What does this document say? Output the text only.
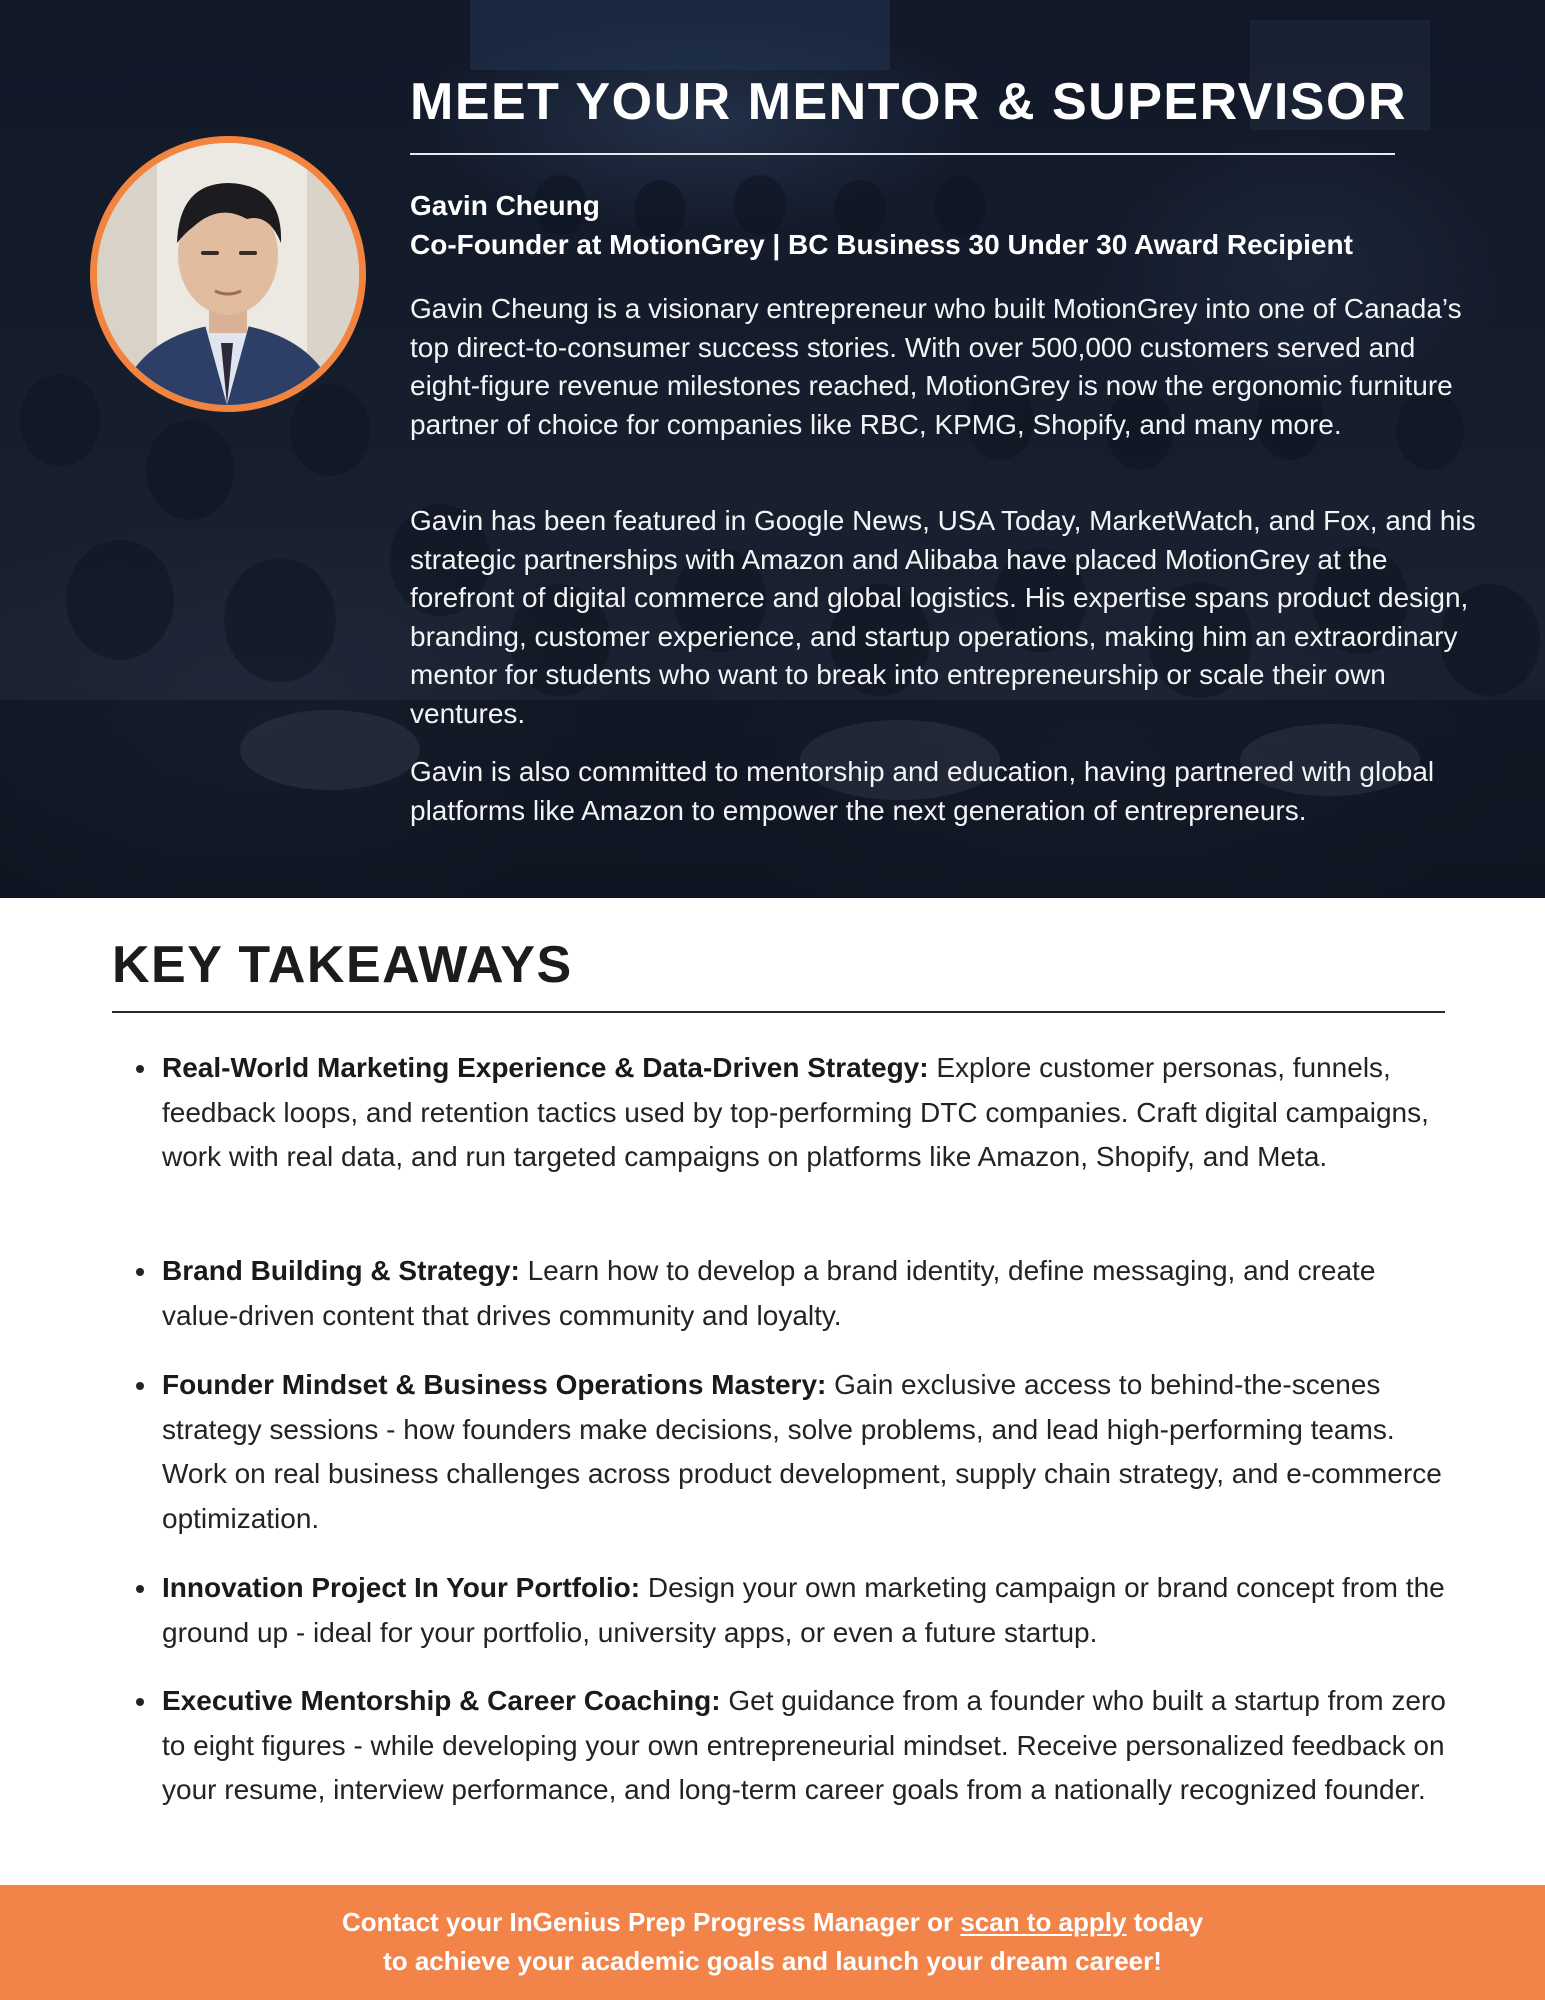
MEET YOUR MENTOR & SUPERVISOR

Gavin Cheung

Co-Founder at MotionGrey | BC Business 30 Under 30 Award Recipient

Gavin Cheung is a visionary entrepreneur who built MotionGrey into one of Canada’s top direct-to-consumer success stories. With over 500,000 customers served and eight-figure revenue milestones reached, MotionGrey is now the ergonomic furniture partner of choice for companies like RBC, KPMG, Shopify, and many more.

Gavin has been featured in Google News, USA Today, MarketWatch, and Fox, and his strategic partnerships with Amazon and Alibaba have placed MotionGrey at the forefront of digital commerce and global logistics. His expertise spans product design, branding, customer experience, and startup operations, making him an extraordinary mentor for students who want to break into entrepreneurship or scale their own ventures.

Gavin is also committed to mentorship and education, having partnered with global platforms like Amazon to empower the next generation of entrepreneurs.

KEY TAKEAWAYS
Real-World Marketing Experience & Data-Driven Strategy: Explore customer personas, funnels, feedback loops, and retention tactics used by top-performing DTC companies. Craft digital campaigns, work with real data, and run targeted campaigns on platforms like Amazon, Shopify, and Meta.
Brand Building & Strategy: Learn how to develop a brand identity, define messaging, and create value-driven content that drives community and loyalty.
Founder Mindset & Business Operations Mastery: Gain exclusive access to behind-the-scenes strategy sessions - how founders make decisions, solve problems, and lead high-performing teams. Work on real business challenges across product development, supply chain strategy, and e-commerce optimization.
Innovation Project In Your Portfolio: Design your own marketing campaign or brand concept from the ground up - ideal for your portfolio, university apps, or even a future startup.
Executive Mentorship & Career Coaching: Get guidance from a founder who built a startup from zero to eight figures - while developing your own entrepreneurial mindset. Receive personalized feedback on your resume, interview performance, and long-term career goals from a nationally recognized founder.

Contact your InGenius Prep Progress Manager or scan to apply today

to achieve your academic goals and launch your dream career!
